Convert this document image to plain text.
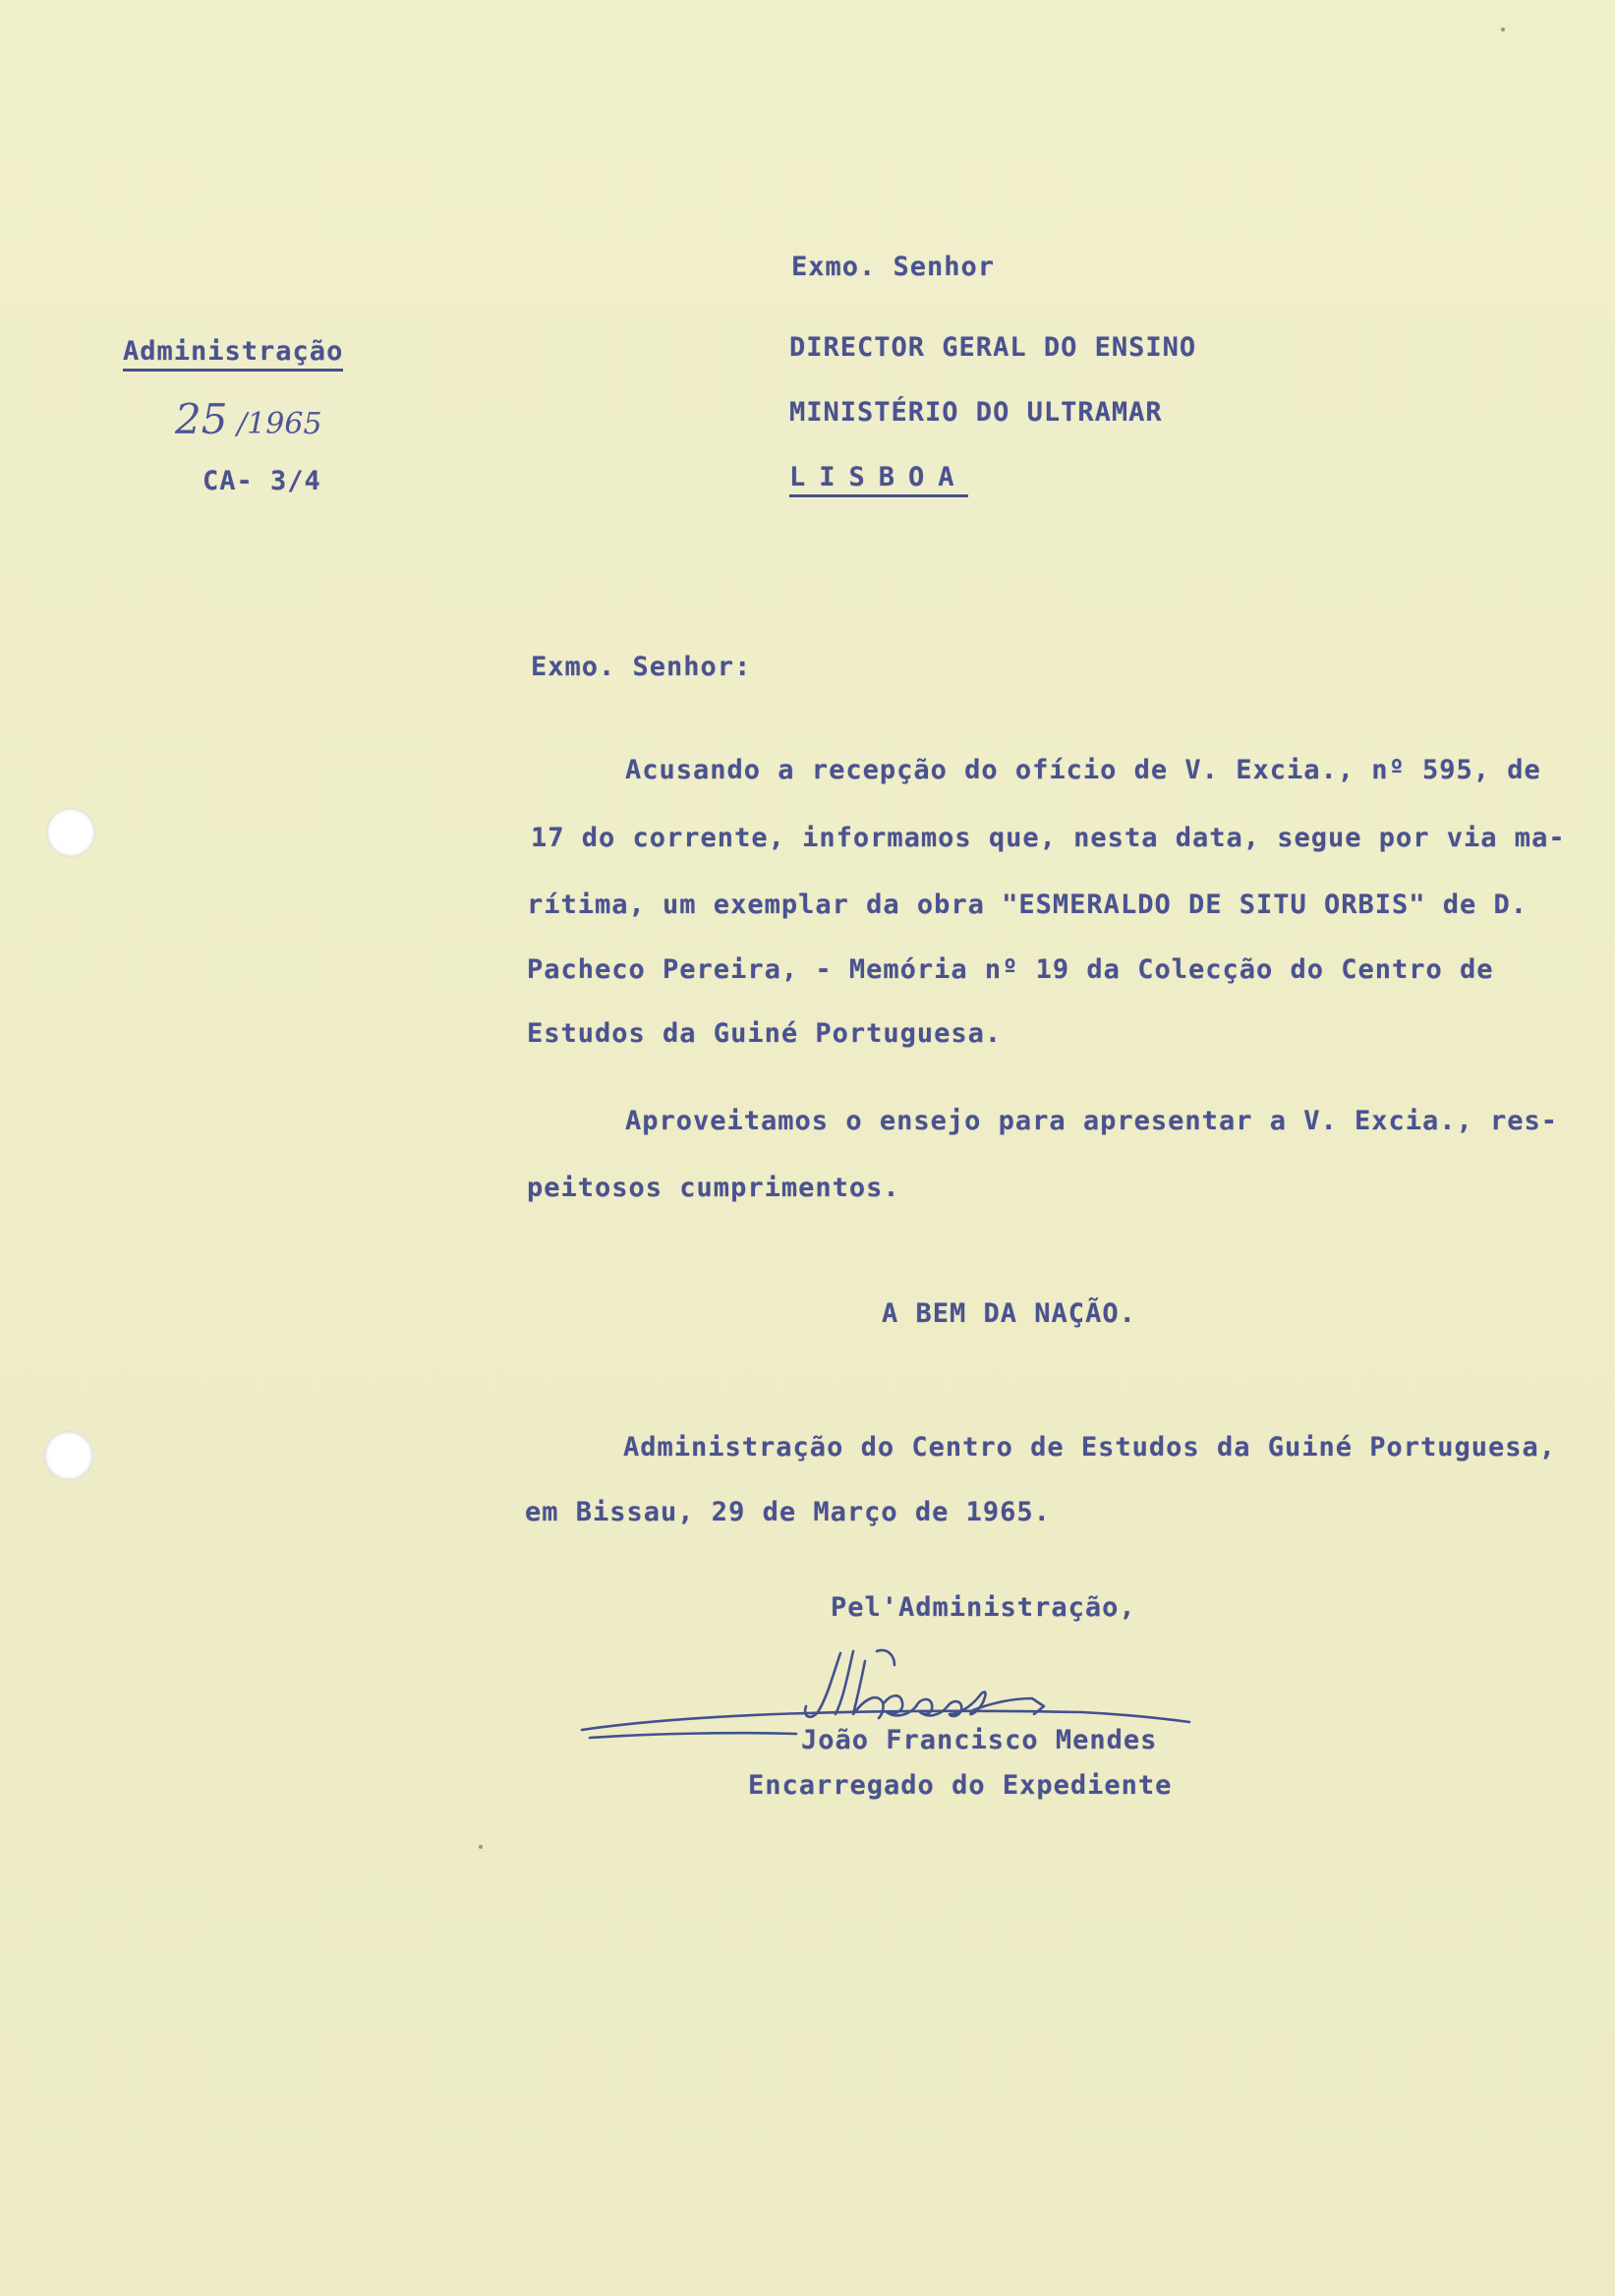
Exmo. Senhor
DIRECTOR GERAL DO ENSINO
MINISTÉRIO DO ULTRAMAR
LISBOA
Administração
25 /1965
CA- 3/4
Exmo. Senhor:
Acusando a recepção do ofício de V. Excia., nº 595, de
17 do corrente, informamos que, nesta data, segue por via ma-
rítima, um exemplar da obra "ESMERALDO DE SITU ORBIS" de D.
Pacheco Pereira, - Memória nº 19 da Colecção do Centro de
Estudos da Guiné Portuguesa.
Aproveitamos o ensejo para apresentar a V. Excia., res-
peitosos cumprimentos.
A BEM DA NAÇÃO.
Administração do Centro de Estudos da Guiné Portuguesa,
em Bissau, 29 de Março de 1965.
Pel'Administração,
João Francisco Mendes
Encarregado do Expediente
